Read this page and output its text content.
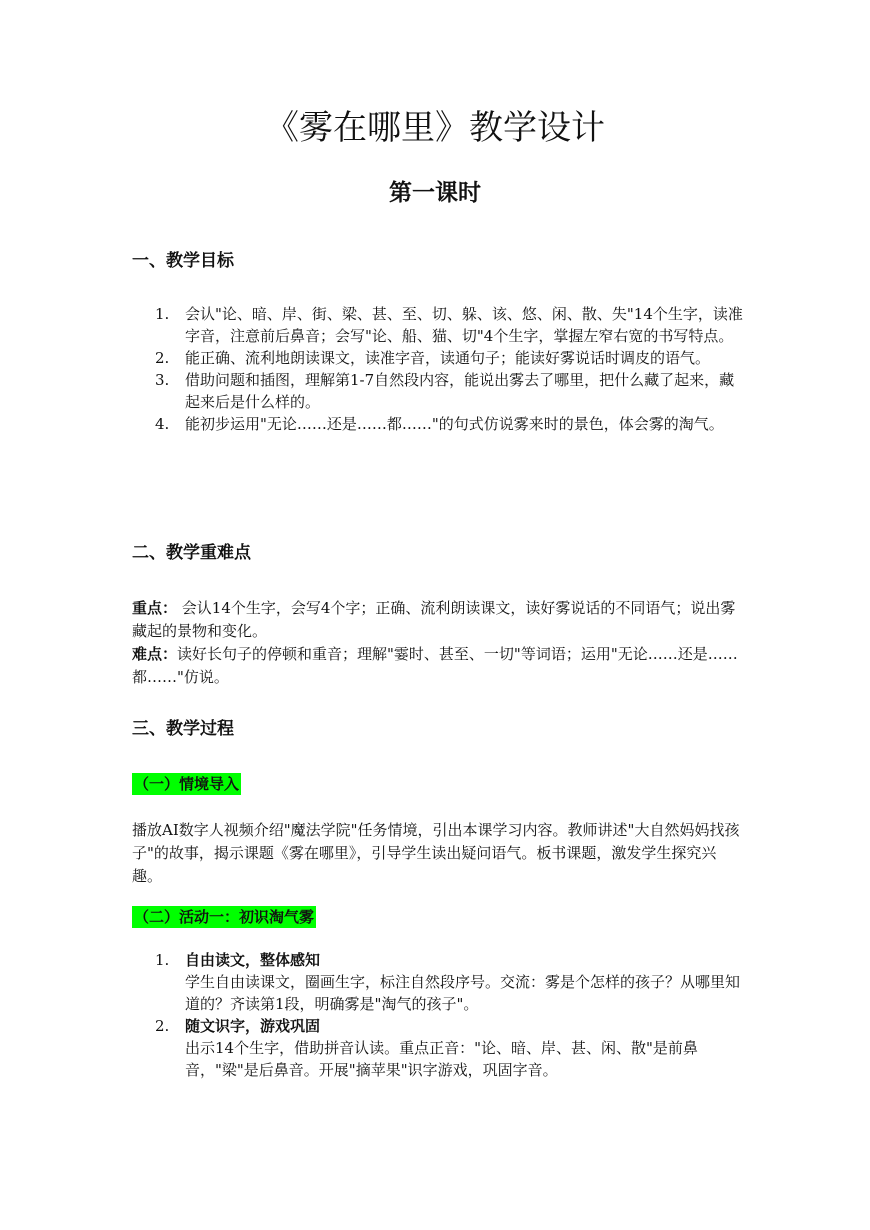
《雾在哪里》教学设计
第一课时
一、教学目标
1. 会认"论、暗、岸、街、梁、甚、至、切、躲、该、悠、闲、散、失"14个生字，读准字音，注意前后鼻音；会写"论、船、猫、切"4个生字，掌握左窄右宽的书写特点。
2. 能正确、流利地朗读课文，读准字音，读通句子；能读好雾说话时调皮的语气。
3. 借助问题和插图，理解第1-7自然段内容，能说出雾去了哪里，把什么藏了起来，藏起来后是什么样的。
4. 能初步运用"无论……还是……都……"的句式仿说雾来时的景色，体会雾的淘气。
二、教学重难点

重点： 会认14个生字，会写4个字；正确、流利朗读课文，读好雾说话的不同语气；说出雾藏起的景物和变化。

难点：读好长句子的停顿和重音；理解"霎时、甚至、一切"等词语；运用"无论……还是……都……"仿说。

三、教学过程
（一）情境导入

播放AI数字人视频介绍"魔法学院"任务情境，引出本课学习内容。教师讲述"大自然妈妈找孩子"的故事，揭示课题《雾在哪里》，引导学生读出疑问语气。板书课题，激发学生探究兴趣。

（二）活动一：初识淘气雾
1. 自由读文，整体感知
学生自由读课文，圈画生字，标注自然段序号。交流：雾是个怎样的孩子？从哪里知道的？齐读第1段，明确雾是"淘气的孩子"。
2. 随文识字，游戏巩固
出示14个生字，借助拼音认读。重点正音："论、暗、岸、甚、闲、散"是前鼻音，"梁"是后鼻音。开展"摘苹果"识字游戏，巩固字音。
